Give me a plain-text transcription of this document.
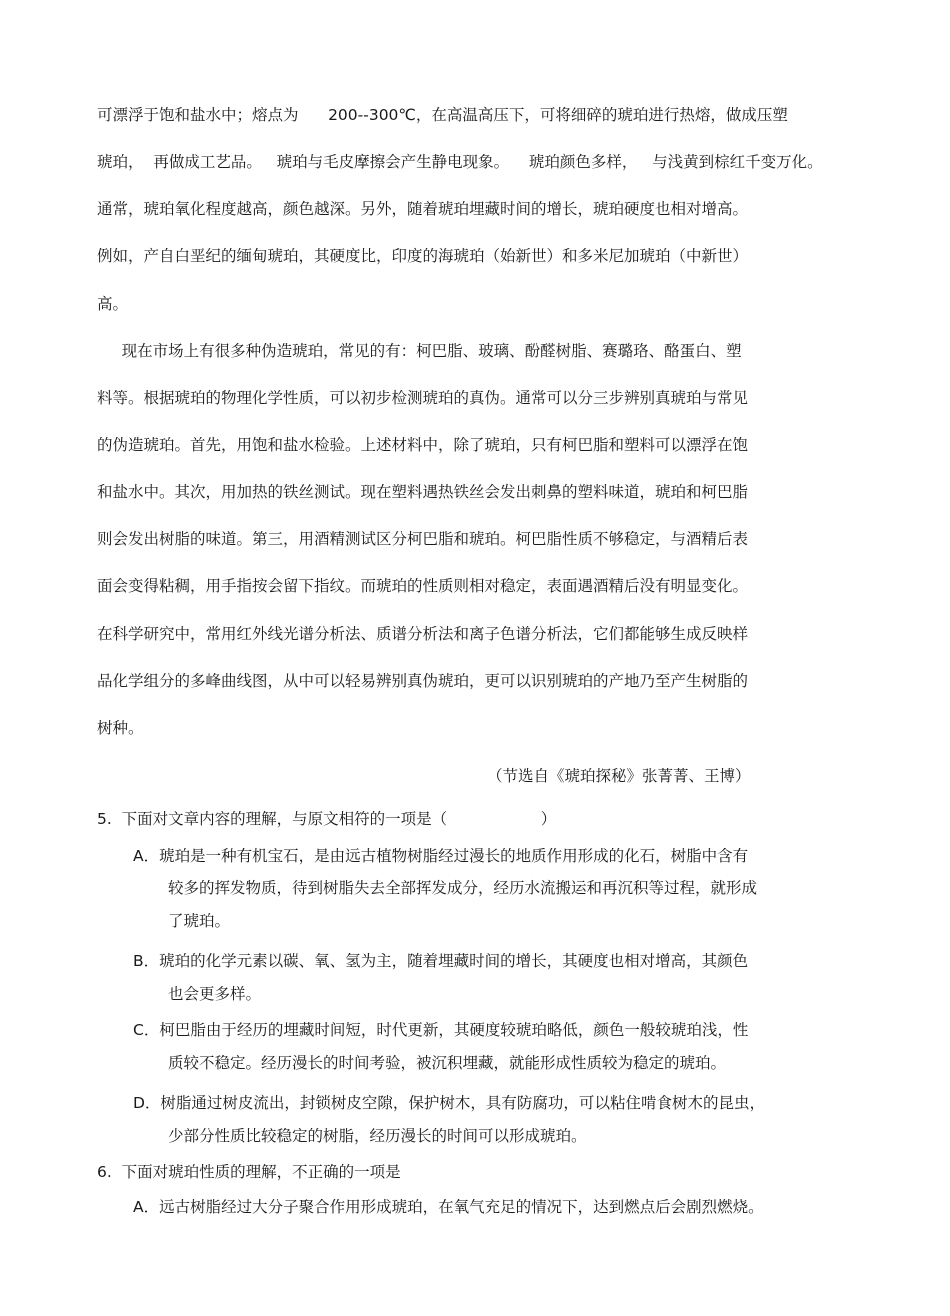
可漂浮于饱和盐水中；熔点为      200--300℃，在高温高压下，可将细碎的琥珀进行热熔，做成压塑
琥珀，  再做成工艺品。   琥珀与毛皮摩擦会产生静电现象。    琥珀颜色多样，   与浅黄到棕红千变万化。
通常，琥珀氧化程度越高，颜色越深。另外，随着琥珀埋藏时间的增长，琥珀硬度也相对增高。
例如，产自白垩纪的缅甸琥珀，其硬度比，印度的海琥珀（始新世）和多米尼加琥珀（中新世）
高。
现在市场上有很多种伪造琥珀，常见的有：柯巴脂、玻璃、酚醛树脂、赛璐珞、酪蛋白、塑
料等。根据琥珀的物理化学性质，可以初步检测琥珀的真伪。通常可以分三步辨别真琥珀与常见
的伪造琥珀。首先，用饱和盐水检验。上述材料中，除了琥珀，只有柯巴脂和塑料可以漂浮在饱
和盐水中。其次，用加热的铁丝测试。现在塑料遇热铁丝会发出刺鼻的塑料味道，琥珀和柯巴脂
则会发出树脂的味道。第三，用酒精测试区分柯巴脂和琥珀。柯巴脂性质不够稳定，与酒精后表
面会变得粘稠，用手指按会留下指纹。而琥珀的性质则相对稳定，表面遇酒精后没有明显变化。
在科学研究中，常用红外线光谱分析法、质谱分析法和离子色谱分析法，它们都能够生成反映样
品化学组分的多峰曲线图，从中可以轻易辨别真伪琥珀，更可以识别琥珀的产地乃至产生树脂的
树种。
（节选自《琥珀探秘》张菁菁、王博）
5.  下面对文章内容的理解，与原文相符的一项是（                   ）
A．琥珀是一种有机宝石，是由远古植物树脂经过漫长的地质作用形成的化石，树脂中含有
较多的挥发物质，待到树脂失去全部挥发成分，经历水流搬运和再沉积等过程，就形成
了琥珀。
B．琥珀的化学元素以碳、氧、氢为主，随着埋藏时间的增长，其硬度也相对增高，其颜色
也会更多样。
C．柯巴脂由于经历的埋藏时间短，时代更新，其硬度较琥珀略低，颜色一般较琥珀浅，性
质较不稳定。经历漫长的时间考验，被沉积埋藏，就能形成性质较为稳定的琥珀。
D．树脂通过树皮流出，封锁树皮空隙，保护树木，具有防腐功，可以粘住啃食树木的昆虫，
少部分性质比较稳定的树脂，经历漫长的时间可以形成琥珀。
6.  下面对琥珀性质的理解，不正确的一项是
A．远古树脂经过大分子聚合作用形成琥珀，在氧气充足的情况下，达到燃点后会剧烈燃烧。
